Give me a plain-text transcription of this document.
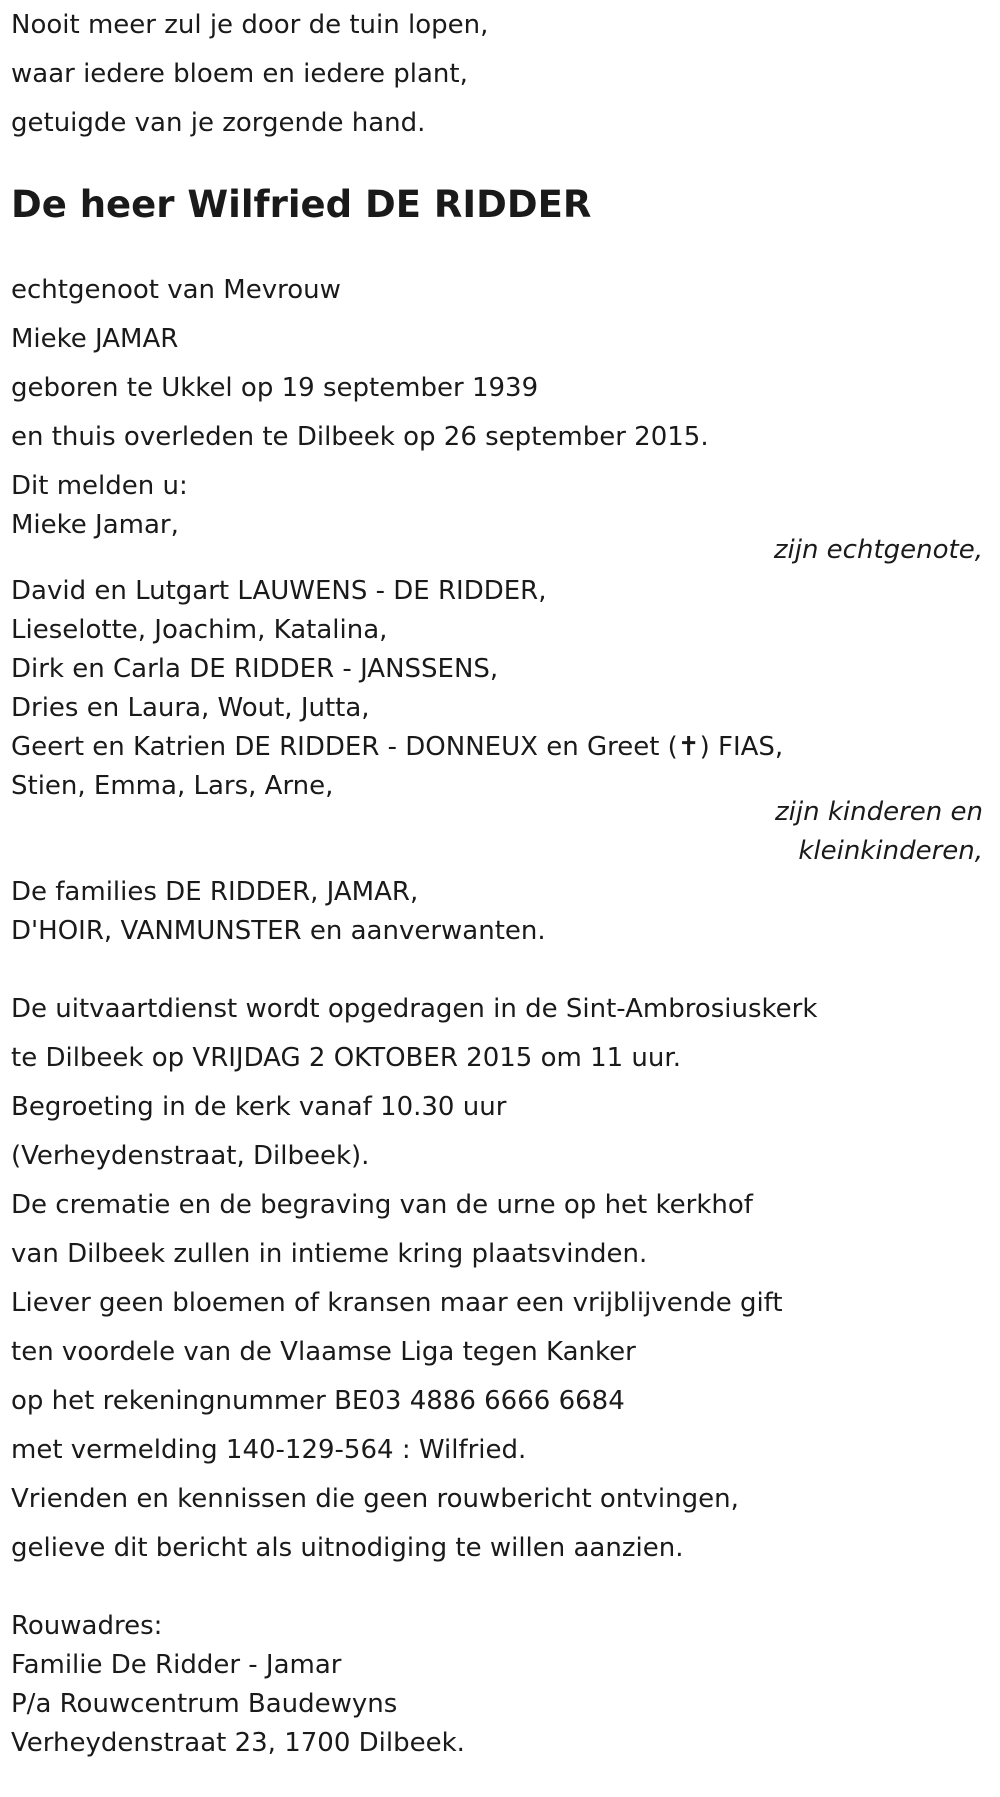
Nooit meer zul je door de tuin lopen,
waar iedere bloem en iedere plant,
getuigde van je zorgende hand.
De heer Wilfried DE RIDDER
echtgenoot van Mevrouw
Mieke JAMAR
geboren te Ukkel op 19 september 1939
en thuis overleden te Dilbeek op 26 september 2015.
Dit melden u:
Mieke Jamar,
zijn echtgenote,
David en Lutgart LAUWENS - DE RIDDER,
Lieselotte, Joachim, Katalina,
Dirk en Carla DE RIDDER - JANSSENS,
Dries en Laura, Wout, Jutta,
Geert en Katrien DE RIDDER - DONNEUX en Greet (✝) FIAS,
Stien, Emma, Lars, Arne,
zijn kinderen en
kleinkinderen,
De families DE RIDDER, JAMAR,
D'HOIR, VANMUNSTER en aanverwanten.
De uitvaartdienst wordt opgedragen in de Sint-Ambrosiuskerk
te Dilbeek op VRIJDAG 2 OKTOBER 2015 om 11 uur.
Begroeting in de kerk vanaf 10.30 uur
(Verheydenstraat, Dilbeek).
De crematie en de begraving van de urne op het kerkhof
van Dilbeek zullen in intieme kring plaatsvinden.
Liever geen bloemen of kransen maar een vrijblijvende gift
ten voordele van de Vlaamse Liga tegen Kanker
op het rekeningnummer BE03 4886 6666 6684
met vermelding 140-129-564 : Wilfried.
Vrienden en kennissen die geen rouwbericht ontvingen,
gelieve dit bericht als uitnodiging te willen aanzien.
Rouwadres:
Familie De Ridder - Jamar
P/a Rouwcentrum Baudewyns
Verheydenstraat 23, 1700 Dilbeek.
